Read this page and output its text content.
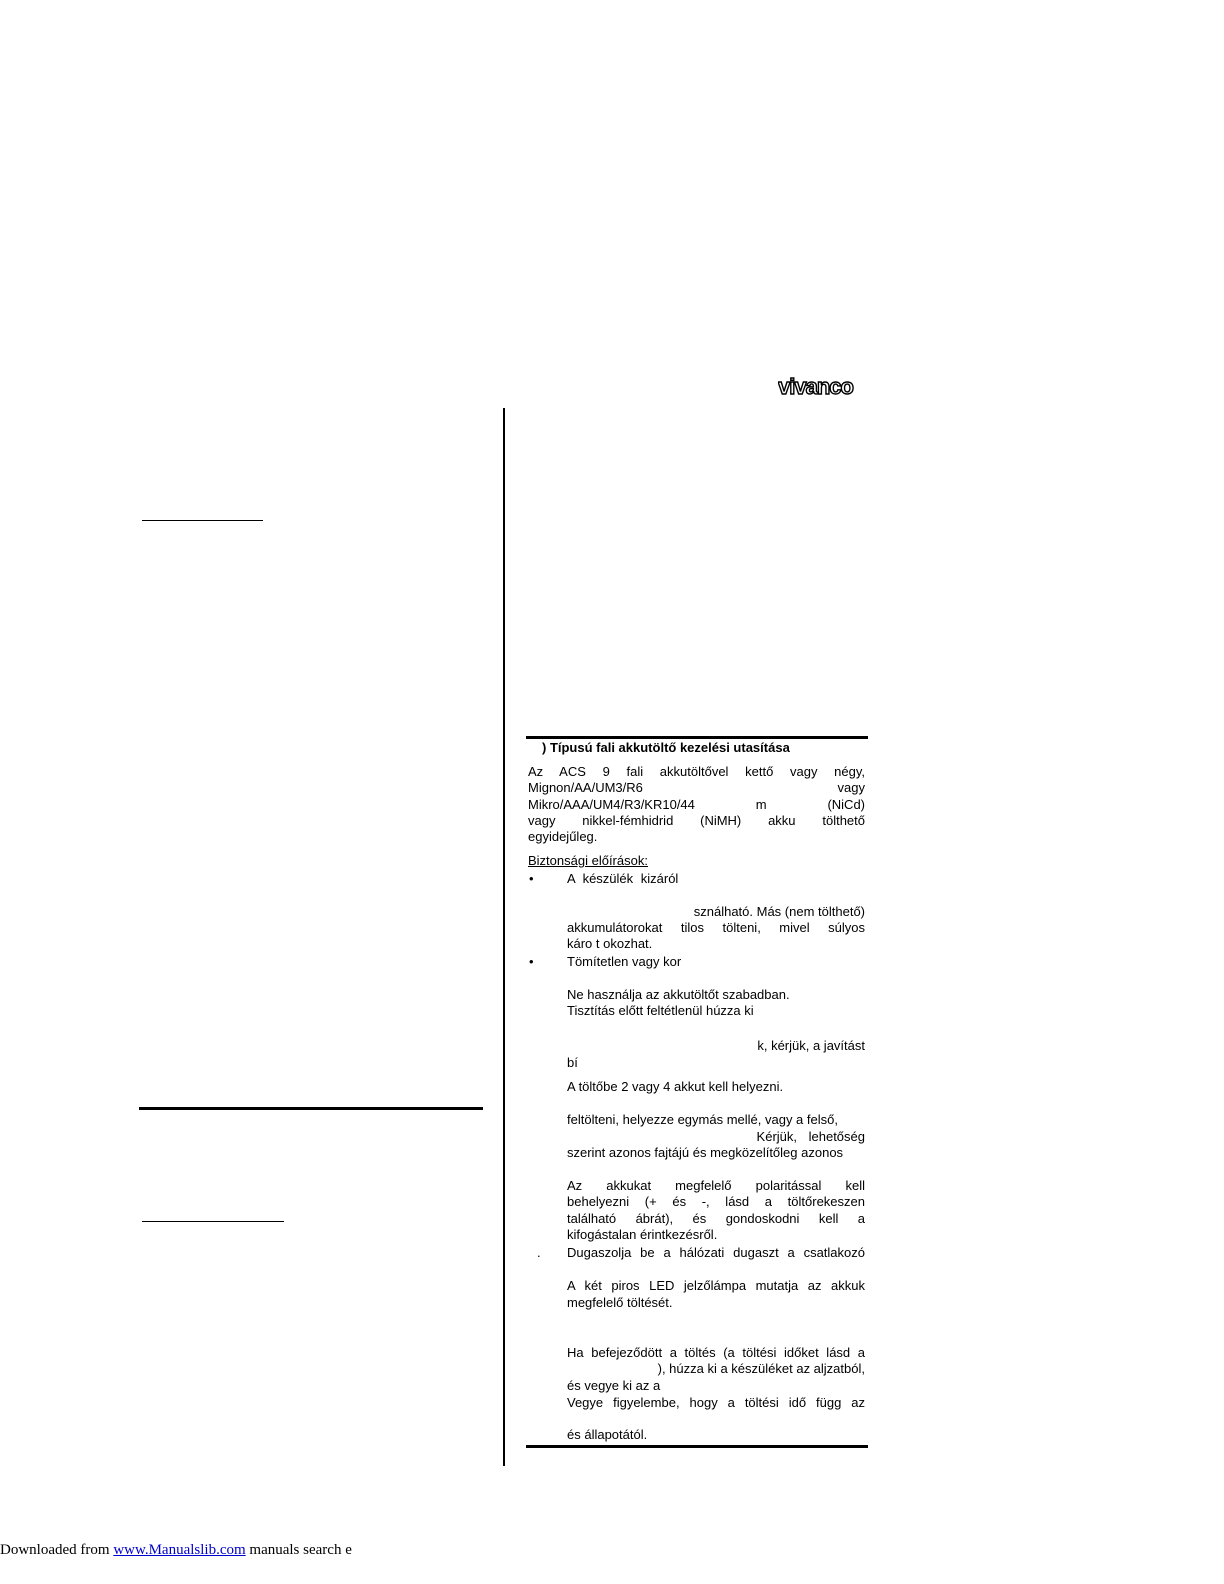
vivanco
) Típusú fali akkutöltő kezelési utasítása
Az ACS 9 fali akkutöltővel kettő vagy négy,
Mignon/AA/UM3/R6 vagy
Mikro/AAA/UM4/R3/KR10/44 m (NiCd)
vagy nikkel-fémhidrid (NiMH) akku tölthető
egyidejűleg.
Biztonsági előírások:
•	A készülék kizáról
sználható. Más (nem tölthető)
akkumulátorokat tilos tölteni, mivel súlyos
káro t okozhat.
•	Tömítetlen vagy kor
Ne használja az akkutöltőt szabadban.
Tisztítás előtt feltétlenül húzza ki
k, kérjük, a javítást
bí
A töltőbe 2 vagy 4 akkut kell helyezni.
feltölteni, helyezze egymás mellé, vagy a felső,
Kérjük, lehetőség
szerint azonos fajtájú és megközelítőleg azonos
Az akkukat megfelelő polaritással kell
behelyezni (+ és -, lásd a töltőrekeszen
található ábrát), és gondoskodni kell a
kifogástalan érintkezésről.
. Dugaszolja be a hálózati dugaszt a csatlakozó
A két piros LED jelzőlámpa mutatja az akkuk
megfelelő töltését.
Ha befejeződött a töltés (a töltési időket lásd a
), húzza ki a készüléket az aljzatból,
és vegye ki az a
Vegye figyelembe, hogy a töltési idő függ az
és állapotától.
Downloaded from www.Manualslib.com manuals search e
